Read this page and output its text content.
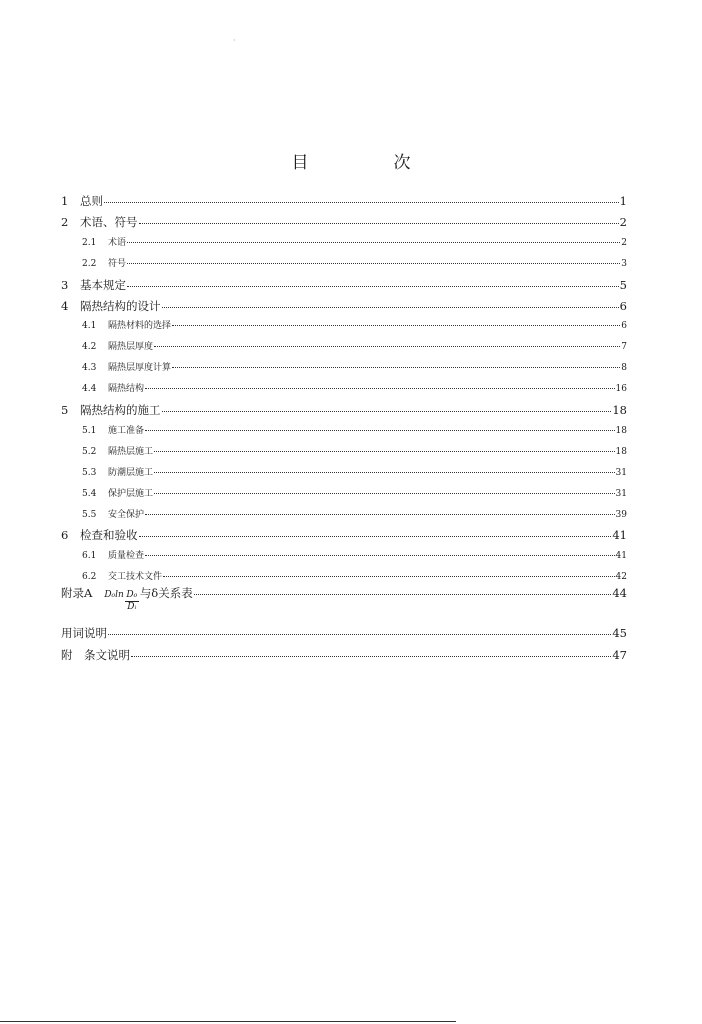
·
目　次
1	总则	1
2	术语、符号	2
2.1	术语	2
2.2	符号	3
3	基本规定	5
4	隔热结构的设计	6
4.1	隔热材料的选择	6
4.2	隔热层厚度	7
4.3	隔热层厚度计算	8
4.4	隔热结构	16
5	隔热结构的施工	18
5.1	施工准备	18
5.2	隔热层施工	18
5.3	防潮层施工	31
5.4	保护层施工	31
5.5	安全保护	39
6	检查和验收	41
6.1	质量检查	41
6.2	交工技术文件	42
附录A $D_0\ln \frac{\text{D₀}}{\text{Dᵢ}}$ 与δ关系表	44
用词说明	45
附　条文说明	47
